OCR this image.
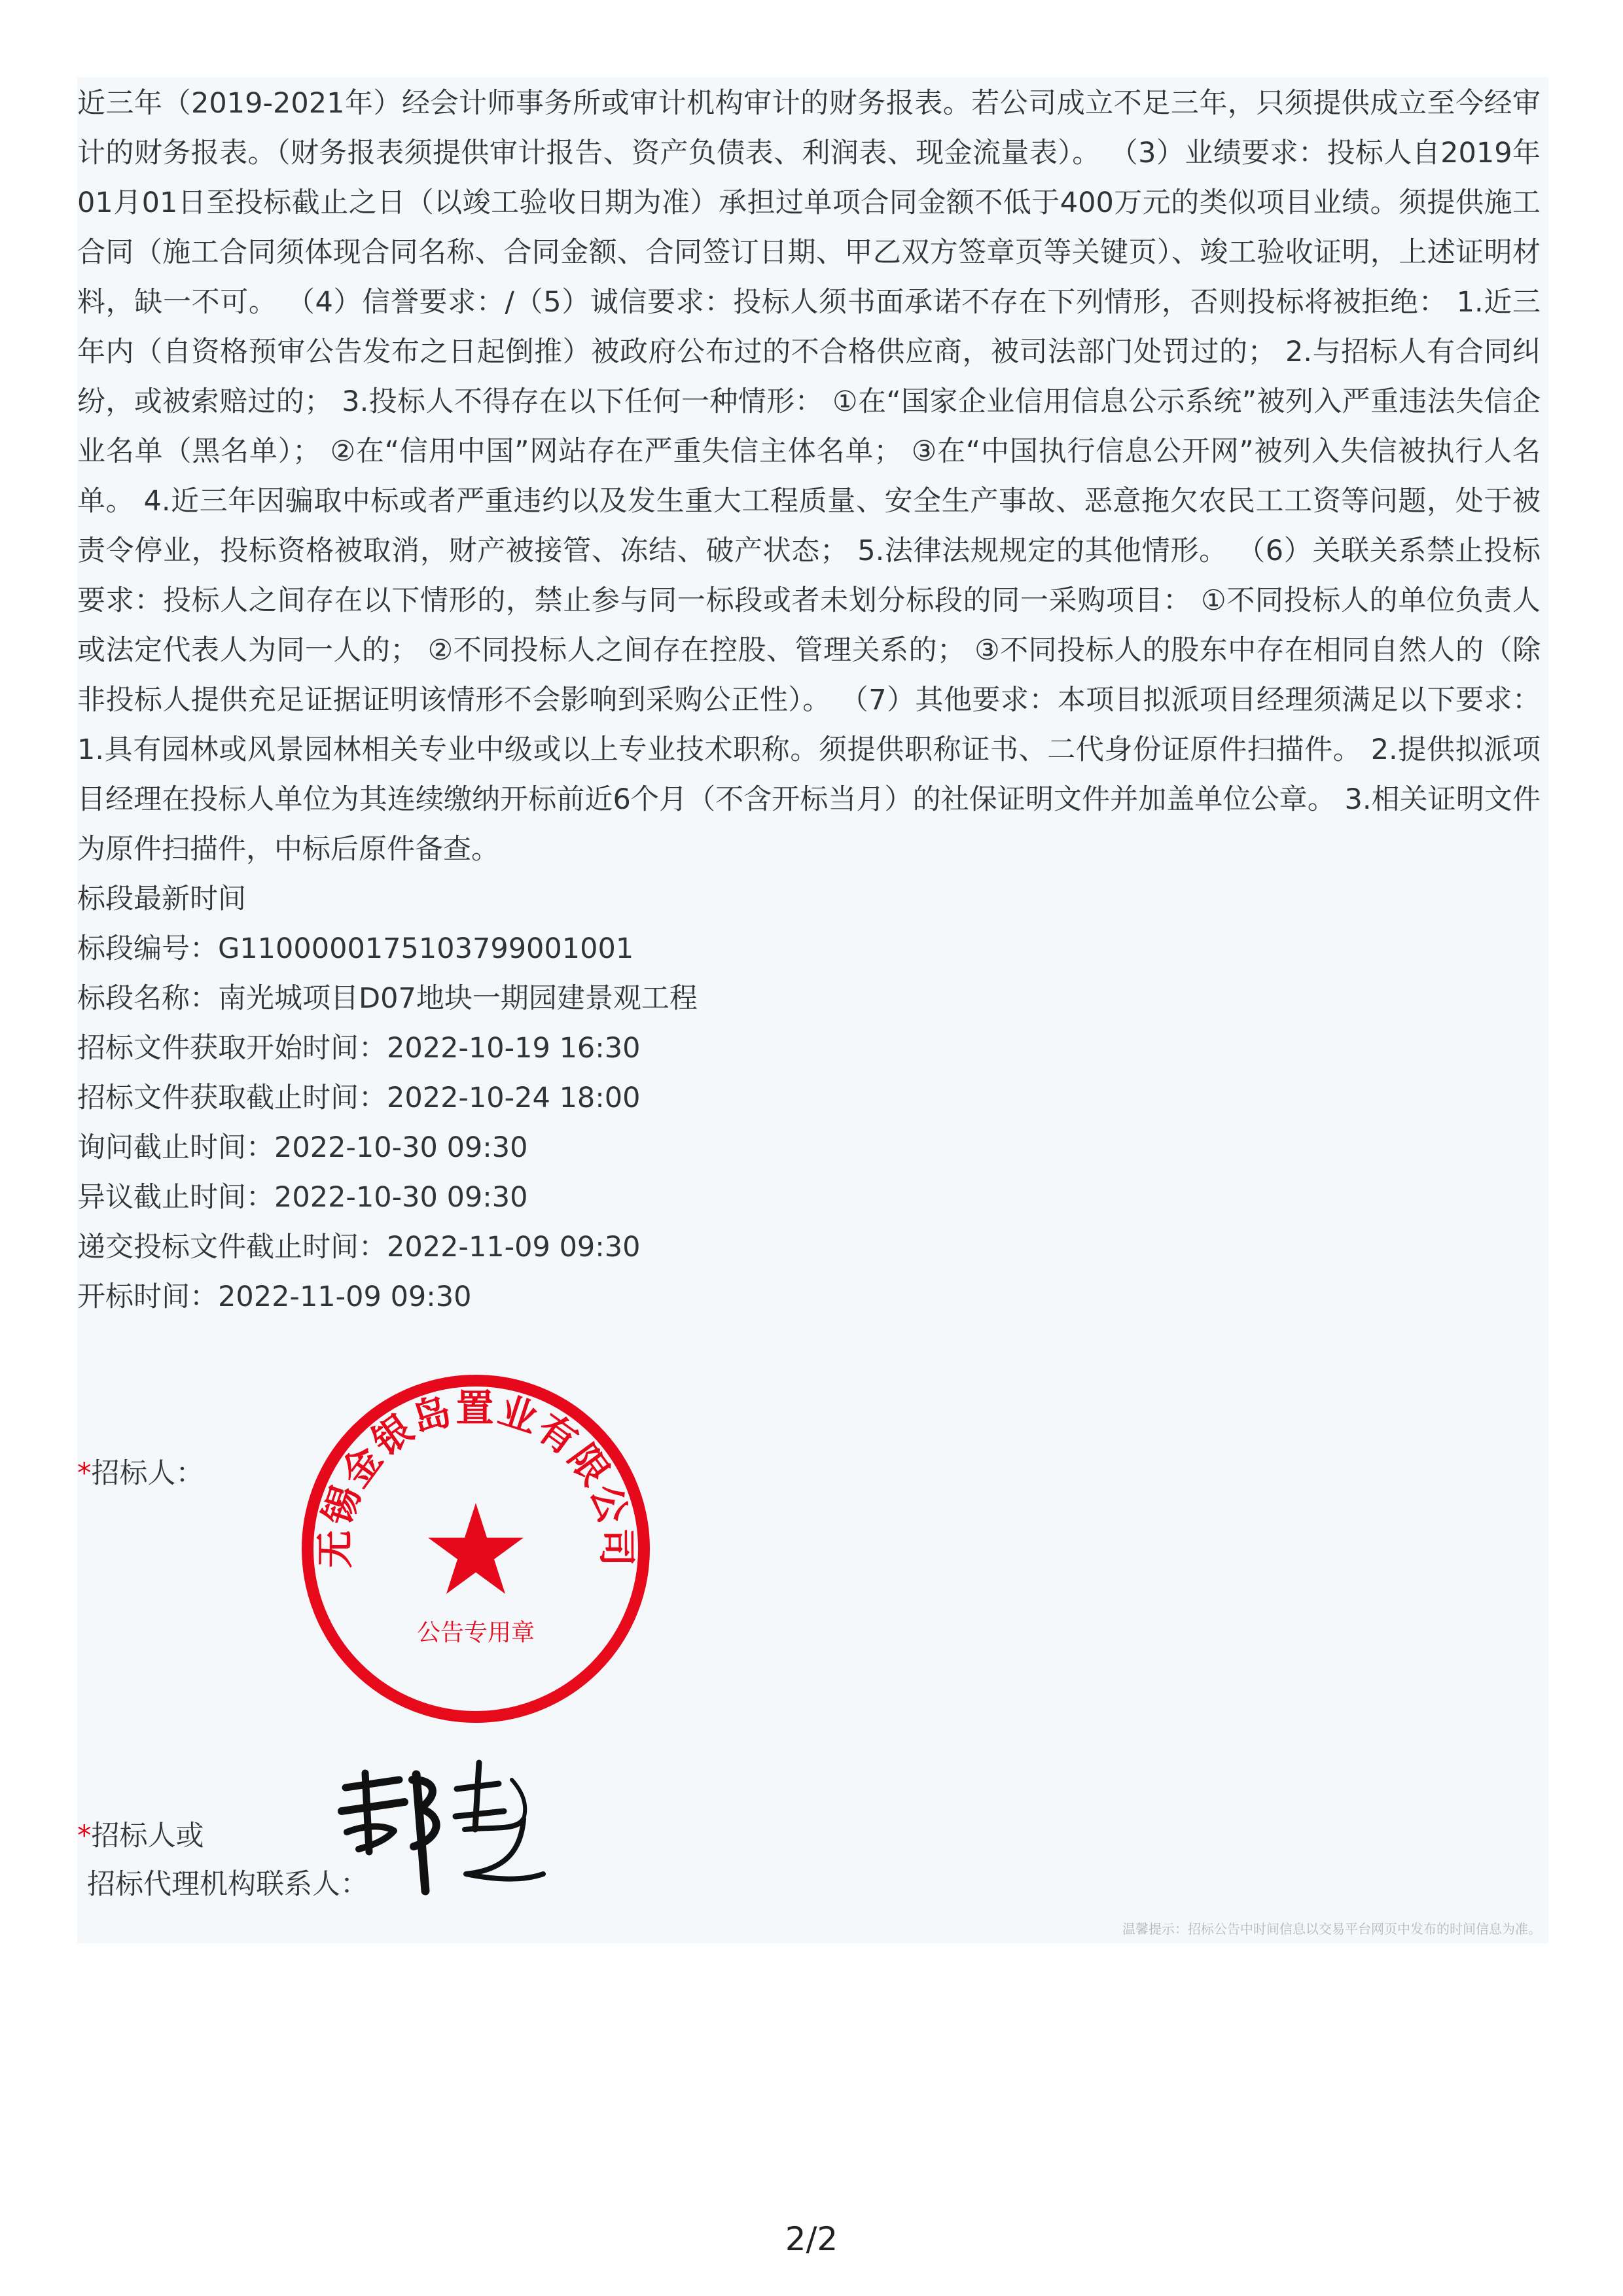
近三年（2019-2021年）经会计师事务所或审计机构审计的财务报表。若公司成立不足三年，只须提供成立至今经审计的财务报表。（财务报表须提供审计报告、资产负债表、利润表、现金流量表）。 （3）业绩要求：投标人自2019年01月01日至投标截止之日（以竣工验收日期为准）承担过单项合同金额不低于400万元的类似项目业绩。须提供施工合同（施工合同须体现合同名称、合同金额、合同签订日期、甲乙双方签章页等关键页）、竣工验收证明，上述证明材料，缺一不可。 （4）信誉要求：/（5）诚信要求：投标人须书面承诺不存在下列情形，否则投标将被拒绝： 1.近三年内（自资格预审公告发布之日起倒推）被政府公布过的不合格供应商，被司法部门处罚过的； 2.与招标人有合同纠纷，或被索赔过的； 3.投标人不得存在以下任何一种情形： ①在“国家企业信用信息公示系统”被列入严重违法失信企业名单（黑名单）； ②在“信用中国”网站存在严重失信主体名单； ③在“中国执行信息公开网”被列入失信被执行人名单。 4.近三年因骗取中标或者严重违约以及发生重大工程质量、安全生产事故、恶意拖欠农民工工资等问题，处于被责令停业，投标资格被取消，财产被接管、冻结、破产状态； 5.法律法规规定的其他情形。 （6）关联关系禁止投标要求：投标人之间存在以下情形的，禁止参与同一标段或者未划分标段的同一采购项目： ①不同投标人的单位负责人或法定代表人为同一人的； ②不同投标人之间存在控股、管理关系的； ③不同投标人的股东中存在相同自然人的（除非投标人提供充足证据证明该情形不会影响到采购公正性）。 （7）其他要求：本项目拟派项目经理须满足以下要求： 1.具有园林或风景园林相关专业中级或以上专业技术职称。须提供职称证书、二代身份证原件扫描件。 2.提供拟派项目经理在投标人单位为其连续缴纳开标前近6个月（不含开标当月）的社保证明文件并加盖单位公章。 3.相关证明文件为原件扫描件，中标后原件备查。

标段最新时间

标段编号：G11000001751037990010​01

标段名称：南光城项目D07地块一期园建景观工程

招标文件获取开始时间：2022-10-19 16:30

招标文件获取截止时间：2022-10-24 18:00

询问截止时间：2022-10-30 09:30

异议截止时间：2022-10-30 09:30

递交投标文件截止时间：2022-11-09 09:30

开标时间：2022-11-09 09:30

*招标人：
无锡金银岛置业有限公司
公告专用章
*招标人或
招标代理机构联系人：
温馨提示：招标公告中时间信息以交易平台网页中发布的时间信息为准。
2/2
